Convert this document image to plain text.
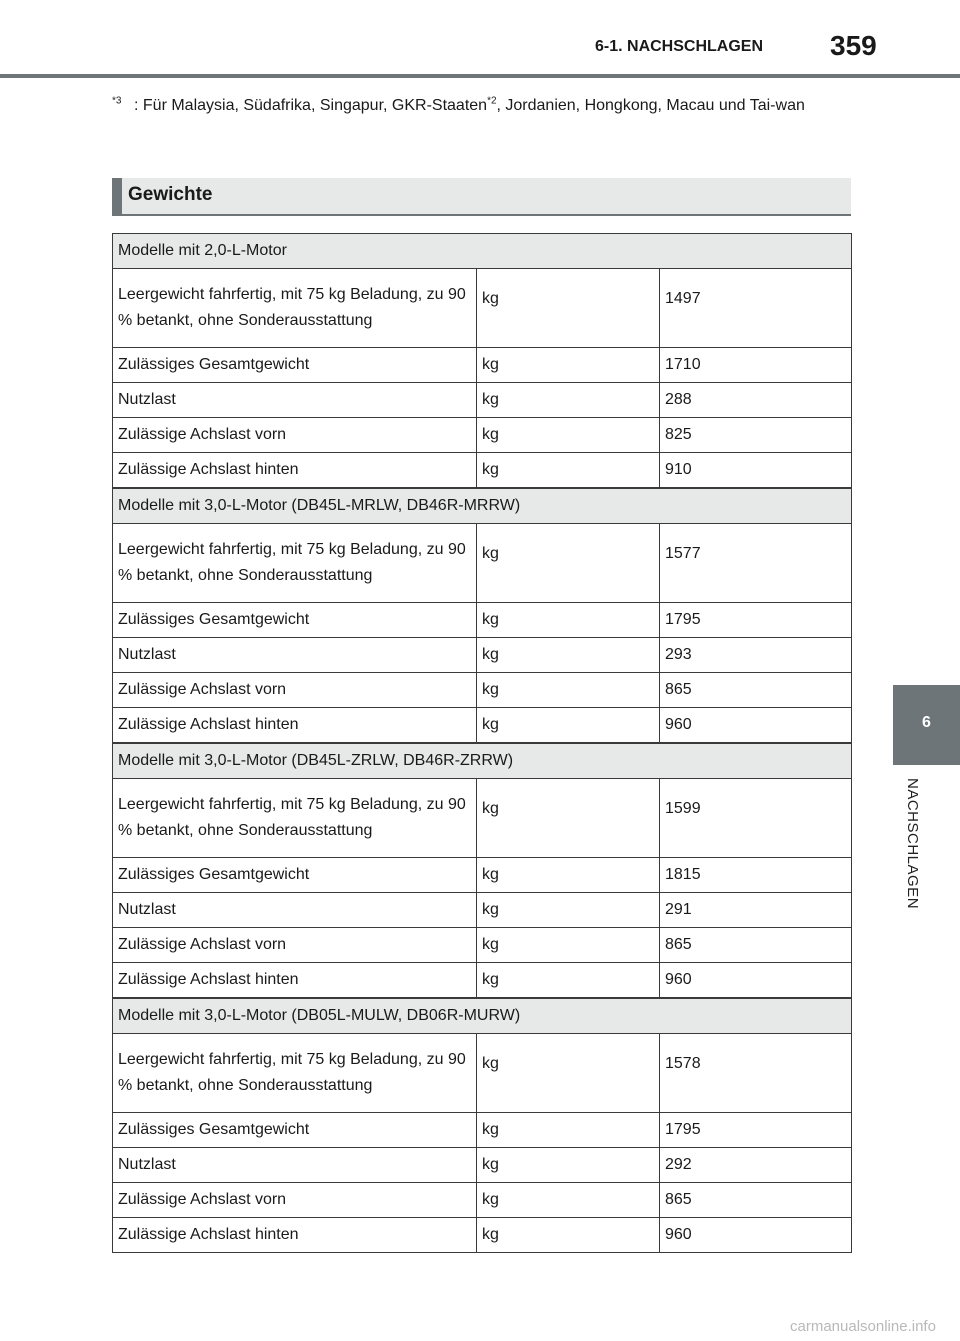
6-1. NACHSCHLAGEN 359
$^{*3}$ : Für Malaysia, Südafrika, Singapur, GKR-Staaten$^{*2}$, Jordanien, Hongkong, Macau und Tai-wan
Gewichte
Modelle mit 2,0-L-Motor		
Leergewicht fahrfertig, mit 75 kg Beladung, zu 90 % betankt, ohne Sonderausstattung	kg	1497
Zulässiges Gesamtgewicht	kg	1710
Nutzlast	kg	288
Zulässige Achslast vorn	kg	825
Zulässige Achslast hinten	kg	910
Modelle mit 3,0-L-Motor (DB45L-MRLW, DB46R-MRRW)		
Leergewicht fahrfertig, mit 75 kg Beladung, zu 90 % betankt, ohne Sonderausstattung	kg	1577
Zulässiges Gesamtgewicht	kg	1795
Nutzlast	kg	293
Zulässige Achslast vorn	kg	865
Zulässige Achslast hinten	kg	960
Modelle mit 3,0-L-Motor (DB45L-ZRLW, DB46R-ZRRW)		
Leergewicht fahrfertig, mit 75 kg Beladung, zu 90 % betankt, ohne Sonderausstattung	kg	1599
Zulässiges Gesamtgewicht	kg	1815
Nutzlast	kg	291
Zulässige Achslast vorn	kg	865
Zulässige Achslast hinten	kg	960
Modelle mit 3,0-L-Motor (DB05L-MULW, DB06R-MURW)		
Leergewicht fahrfertig, mit 75 kg Beladung, zu 90 % betankt, ohne Sonderausstattung	kg	1578
Zulässiges Gesamtgewicht	kg	1795
Nutzlast	kg	292
Zulässige Achslast vorn	kg	865
Zulässige Achslast hinten	kg	960
6
NACHSCHLAGEN
carmanualsonline.info
